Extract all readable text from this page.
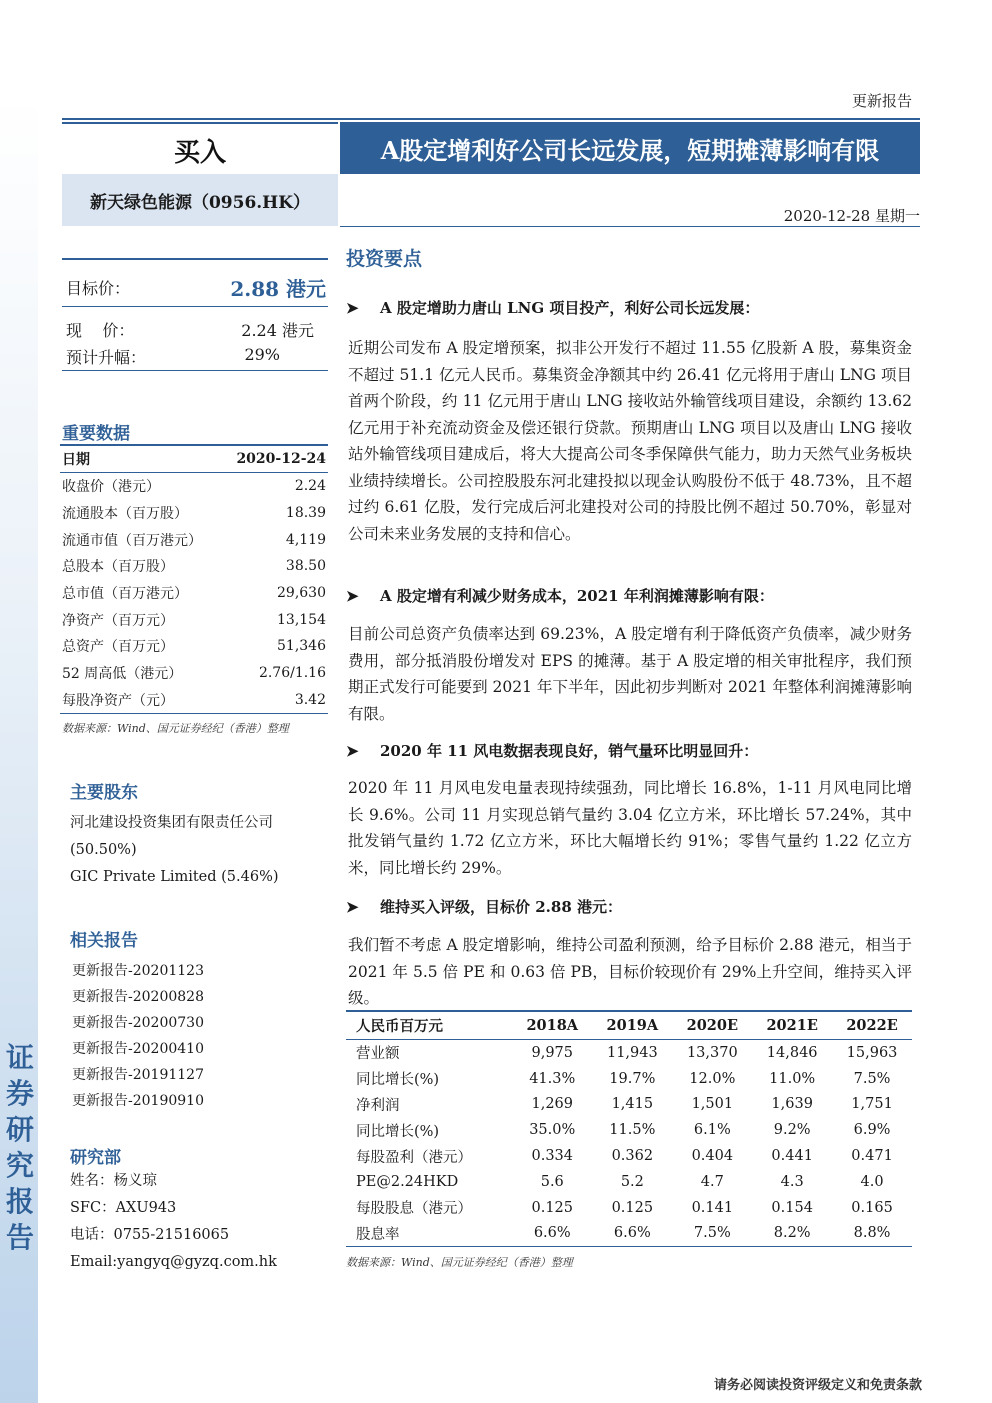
证
券
研
究
报
告
更新报告
买入	A股定增利好公司长远发展，短期摊薄影响有限
新天绿色能源（0956.HK）
2020-12-28 星期一
目标价：	2.88 港元
现    价：	2.24 港元
预计升幅：	29%
重要数据
日期	2020-12-24
收盘价（港元）	2.24
流通股本（百万股）	18.39
流通市值（百万港元）	4,119
总股本（百万股）	38.50
总市值（百万港元）	29,630
净资产（百万元）	13,154
总资产（百万元）	51,346
52 周高低（港元）	2.76/1.16
每股净资产（元）	3.42
数据来源：Wind、国元证券经纪（香港）整理
主要股东
河北建设投资集团有限责任公司(50.50%)
GIC Private Limited (5.46%)
相关报告
更新报告-20201123
更新报告-20200828
更新报告-20200730
更新报告-20200410
更新报告-20191127
更新报告-20190910
研究部
姓名：杨义琼
SFC：AXU943
电话：0755-21516065
Email:yangyq@gyzq.com.hk
投资要点
➤ A 股定增助力唐山 LNG 项目投产，利好公司长远发展：
近期公司发布 A 股定增预案，拟非公开发行不超过 11.55 亿股新 A 股，募集资金不超过 51.1 亿元人民币。募集资金净额其中约 26.41 亿元将用于唐山 LNG 项目首两个阶段，约 11 亿元用于唐山 LNG 接收站外输管线项目建设，余额约 13.62 亿元用于补充流动资金及偿还银行贷款。预期唐山 LNG 项目以及唐山 LNG 接收站外输管线项目建成后，将大大提高公司冬季保障供气能力，助力天然气业务板块业绩持续增长。公司控股股东河北建投拟以现金认购股份不低于 48.73%，且不超过约 6.61 亿股，发行完成后河北建投对公司的持股比例不超过 50.70%，彰显对公司未来业务发展的支持和信心。
➤ A 股定增有利减少财务成本，2021 年利润摊薄影响有限：
目前公司总资产负债率达到 69.23%，A 股定增有利于降低资产负债率，减少财务费用，部分抵消股份增发对 EPS 的摊薄。基于 A 股定增的相关审批程序，我们预期正式发行可能要到 2021 年下半年，因此初步判断对 2021 年整体利润摊薄影响有限。
➤ 2020 年 11 风电数据表现良好，销气量环比明显回升：
2020 年 11 月风电发电量表现持续强劲，同比增长 16.8%，1-11 月风电同比增长 9.6%。公司 11 月实现总销气量约 3.04 亿立方米，环比增长 57.24%，其中批发销气量约 1.72 亿立方米，环比大幅增长约 91%；零售气量约 1.22 亿立方米，同比增长约 29%。
➤ 维持买入评级，目标价 2.88 港元：
我们暂不考虑 A 股定增影响，维持公司盈利预测，给予目标价 2.88 港元，相当于 2021 年 5.5 倍 PE 和 0.63 倍 PB，目标价较现价有 29%上升空间，维持买入评级。
人民币百万元	2018A	2019A	2020E	2021E	2022E
营业额	9,975	11,943	13,370	14,846	15,963
同比增长(%)	41.3%	19.7%	12.0%	11.0%	7.5%
净利润	1,269	1,415	1,501	1,639	1,751
同比增长(%)	35.0%	11.5%	6.1%	9.2%	6.9%
每股盈利（港元）	0.334	0.362	0.404	0.441	0.471
PE@2.24HKD	5.6	5.2	4.7	4.3	4.0
每股股息（港元）	0.125	0.125	0.141	0.154	0.165
股息率	6.6%	6.6%	7.5%	8.2%	8.8%
数据来源：Wind、国元证券经纪（香港）整理
请务必阅读投资评级定义和免责条款
